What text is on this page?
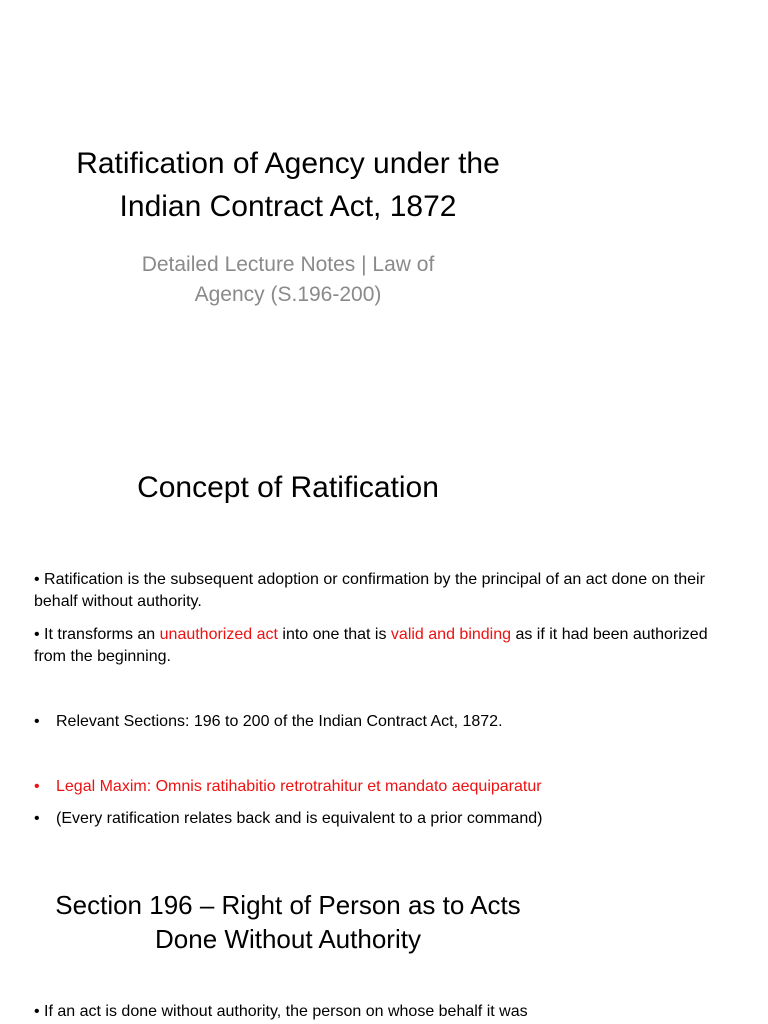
Ratification of Agency under the
Indian Contract Act, 1872
Detailed Lecture Notes | Law of
Agency (S.196-200)
Concept of Ratification
• Ratification is the subsequent adoption or confirmation by the principal of an act done on their behalf without authority.
• It transforms an unauthorized act into one that is valid and binding as if it had been authorized from the beginning.
•	Relevant Sections: 196 to 200 of the Indian Contract Act, 1872.
•	Legal Maxim: Omnis ratihabitio retrotrahitur et mandato aequiparatur
•	(Every ratification relates back and is equivalent to a prior command)
Section 196 – Right of Person as to Acts
Done Without Authority
• If an act is done without authority, the person on whose behalf it was
